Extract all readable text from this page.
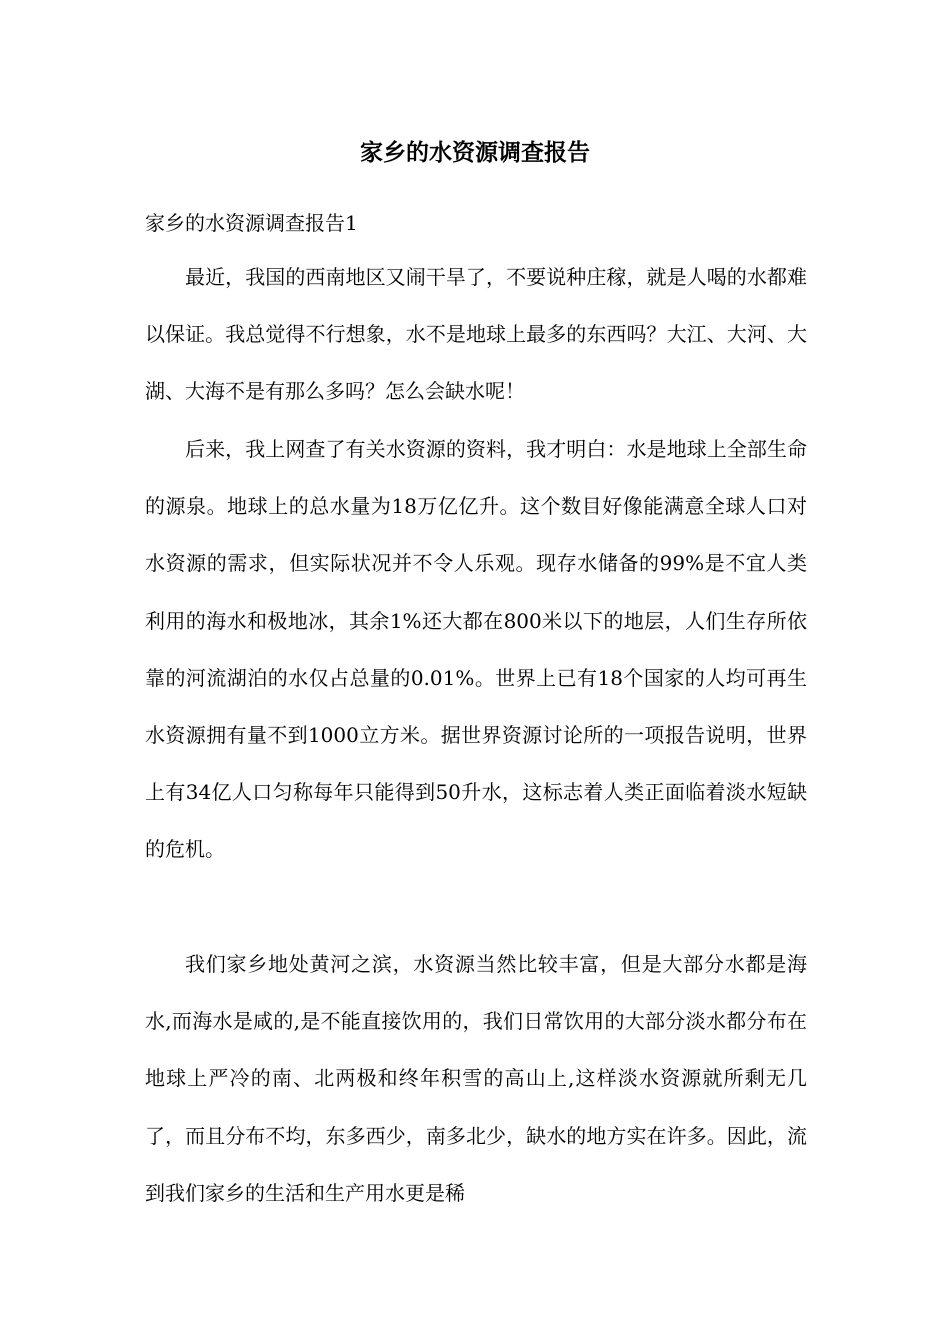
家乡的水资源调查报告

家乡的水资源调查报告1

最近，我国的西南地区又闹干旱了，不要说种庄稼，就是人喝的水都难以保证。我总觉得不行想象，水不是地球上最多的东西吗？大江、大河、大湖、大海不是有那么多吗？怎么会缺水呢！

后来，我上网查了有关水资源的资料，我才明白：水是地球上全部生命的源泉。地球上的总水量为18万亿亿升。这个数目好像能满意全球人口对水资源的需求，但实际状况并不令人乐观。现存水储备的99%是不宜人类利用的海水和极地冰，其余1%还大都在800米以下的地层，人们生存所依靠的河流湖泊的水仅占总量的0.01%。世界上已有18个国家的人均可再生水资源拥有量不到1000立方米。据世界资源讨论所的一项报告说明，世界上有34亿人口匀称每年只能得到50升水，这标志着人类正面临着淡水短缺的危机。

我们家乡地处黄河之滨，水资源当然比较丰富，但是大部分水都是海水,而海水是咸的,是不能直接饮用的，我们日常饮用的大部分淡水都分布在地球上严冷的南、北两极和终年积雪的高山上,这样淡水资源就所剩无几了，而且分布不均，东多西少，南多北少，缺水的地方实在许多。因此，流到我们家乡的生活和生产用水更是稀
